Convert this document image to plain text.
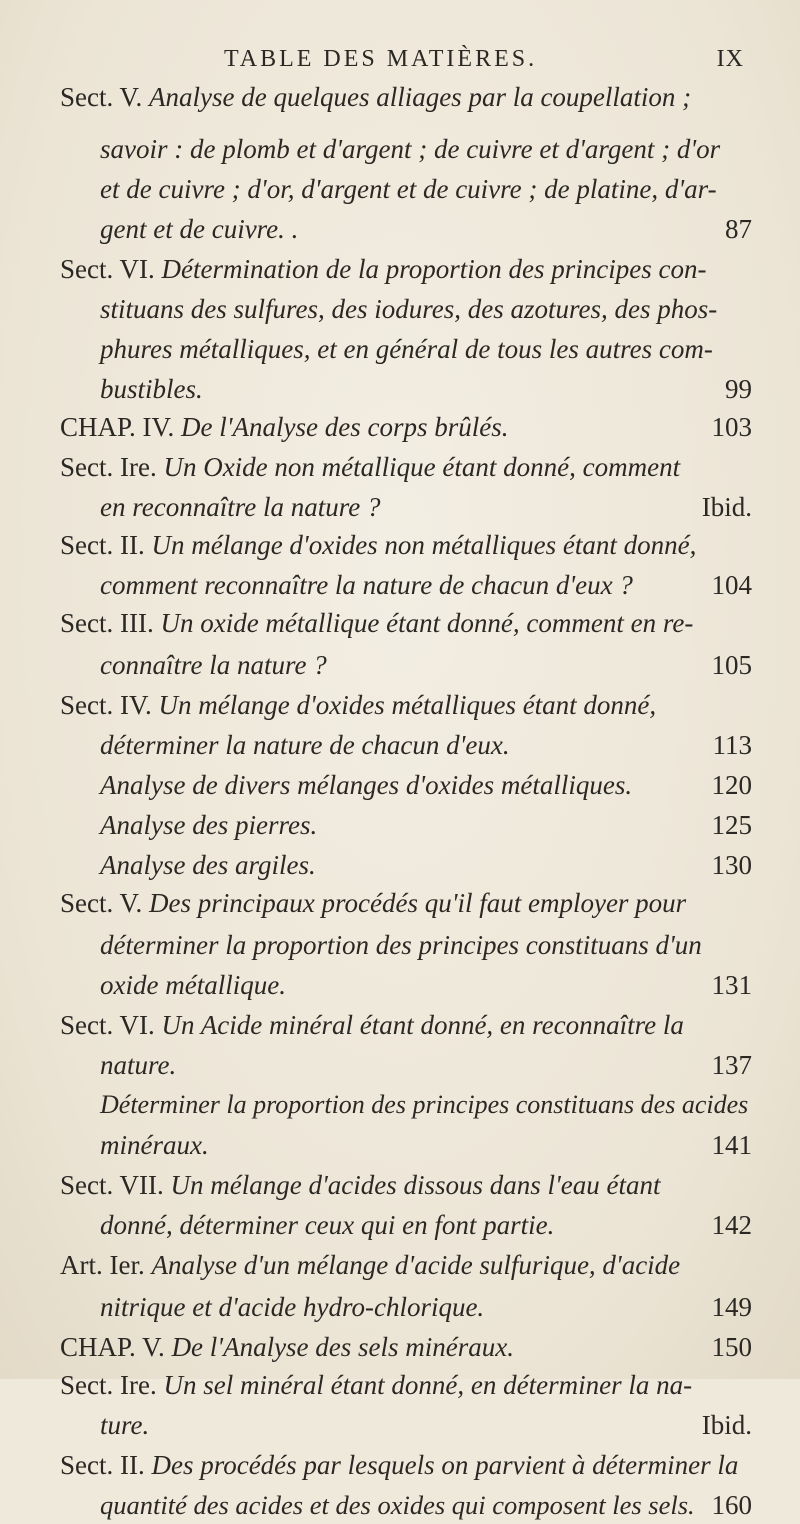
TABLE DES MATIÈRES.	IX
Sect. V. Analyse de quelques alliages par la coupellation ;
savoir : de plomb et d'argent ; de cuivre et d'argent ; d'or
et de cuivre ; d'or, d'argent et de cuivre ; de platine, d'ar-
gent et de cuivre. .	87
Sect. VI. Détermination de la proportion des principes con-
stituans des sulfures, des iodures, des azotures, des phos-
phures métalliques, et en général de tous les autres com-
bustibles.	99
CHAP. IV. De l'Analyse des corps brûlés.	103
Sect. Ire. Un Oxide non métallique étant donné, comment
en reconnaître la nature ?	Ibid.
Sect. II. Un mélange d'oxides non métalliques étant donné,
comment reconnaître la nature de chacun d'eux ?	104
Sect. III. Un oxide métallique étant donné, comment en re-
connaître la nature ?	105
Sect. IV. Un mélange d'oxides métalliques étant donné,
déterminer la nature de chacun d'eux.	113
Analyse de divers mélanges d'oxides métalliques.	120
Analyse des pierres.	125
Analyse des argiles.	130
Sect. V. Des principaux procédés qu'il faut employer pour
déterminer la proportion des principes constituans d'un
oxide métallique.	131
Sect. VI. Un Acide minéral étant donné, en reconnaître la
nature.	137
Déterminer la proportion des principes constituans des acides
minéraux.	141
Sect. VII. Un mélange d'acides dissous dans l'eau étant
donné, déterminer ceux qui en font partie.	142
Art. Ier. Analyse d'un mélange d'acide sulfurique, d'acide
nitrique et d'acide hydro-chlorique.	149
CHAP. V. De l'Analyse des sels minéraux.	150
Sect. Ire. Un sel minéral étant donné, en déterminer la na-
ture.	Ibid.
Sect. II. Des procédés par lesquels on parvient à déterminer la
quantité des acides et des oxides qui composent les sels. 160
